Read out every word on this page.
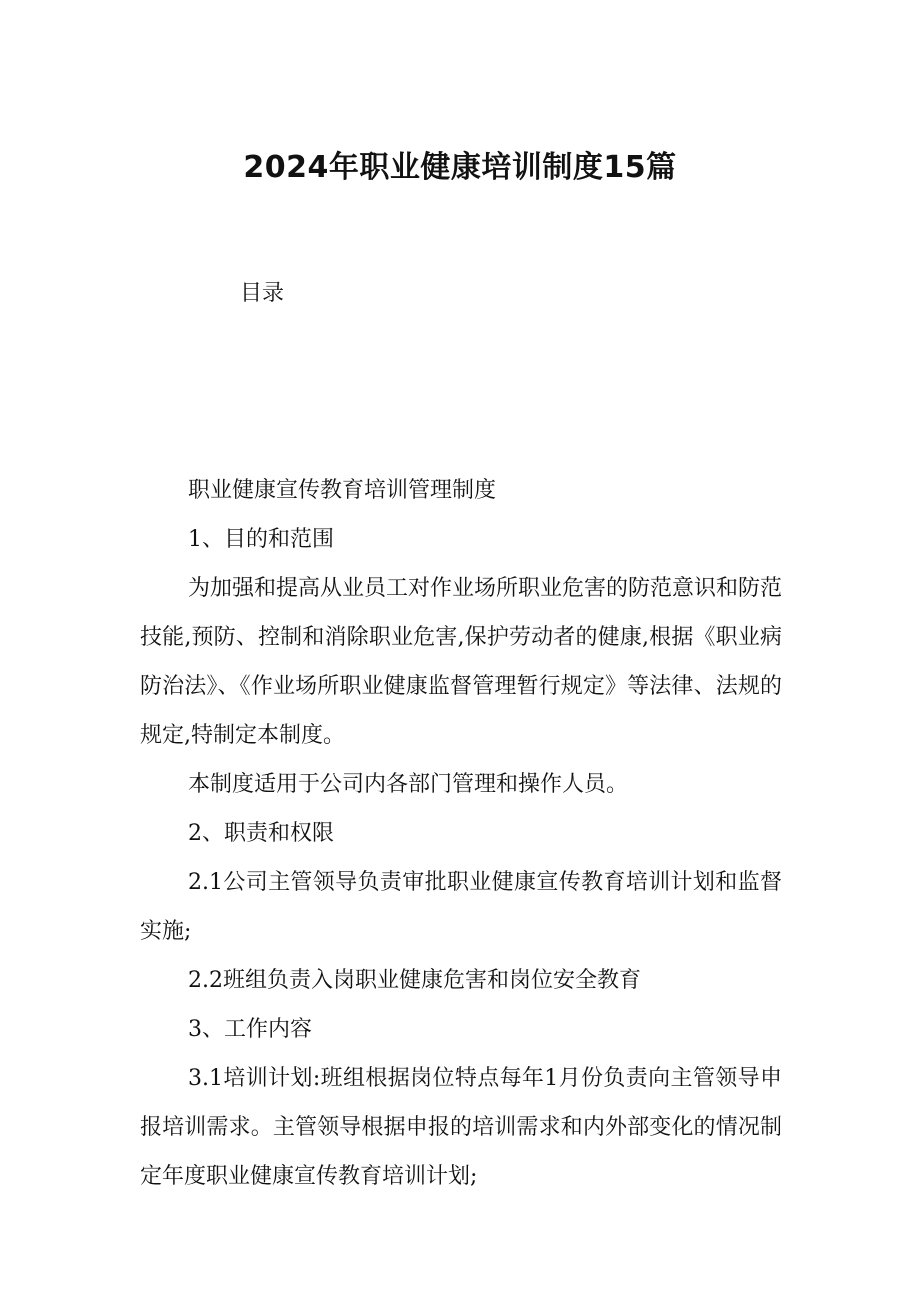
2024年职业健康培训制度15篇

目录

职业健康宣传教育培训管理制度

1、目的和范围

为加强和提高从业员工对作业场所职业危害的防范意识和防范技能,预防、控制和消除职业危害,保护劳动者的健康,根据《职业病防治法》、《作业场所职业健康监督管理暂行规定》等法律、法规的规定,特制定本制度。

本制度适用于公司内各部门管理和操作人员。

2、职责和权限

2.1公司主管领导负责审批职业健康宣传教育培训计划和监督实施;

2.2班组负责入岗职业健康危害和岗位安全教育

3、工作内容

3.1培训计划:班组根据岗位特点每年1月份负责向主管领导申报培训需求。主管领导根据申报的培训需求和内外部变化的情况制定年度职业健康宣传教育培训计划;
